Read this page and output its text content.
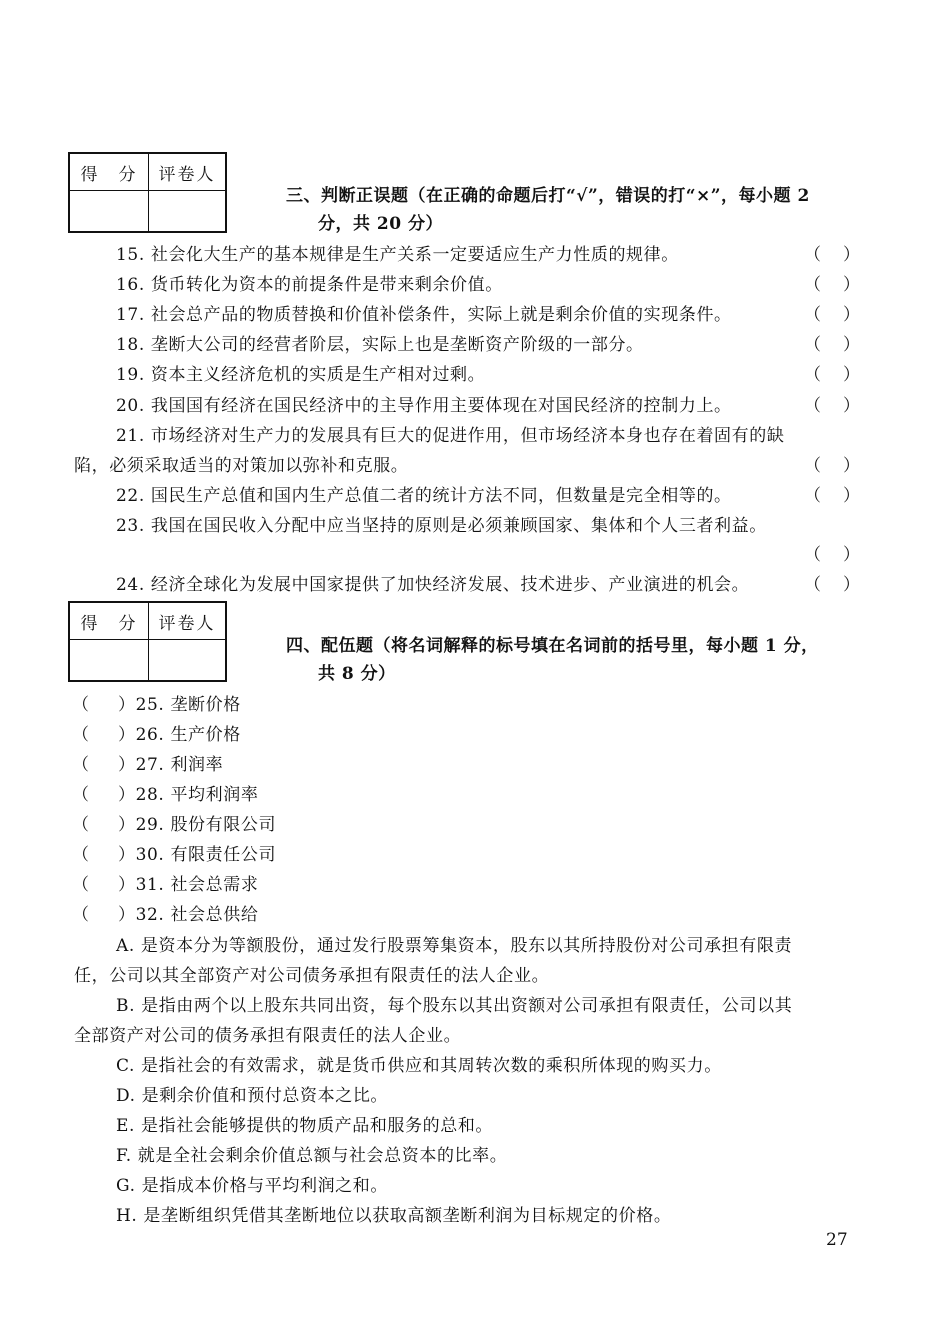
得　分	评卷人

三、判断正误题（在正确的命题后打“√”，错误的打“×”，每小题 2
分，共 20 分）
15. 社会化大生产的基本规律是生产关系一定要适应生产力性质的规律。	（ ）
16. 货币转化为资本的前提条件是带来剩余价值。	（ ）
17. 社会总产品的物质替换和价值补偿条件，实际上就是剩余价值的实现条件。	（ ）
18. 垄断大公司的经营者阶层，实际上也是垄断资产阶级的一部分。	（ ）
19. 资本主义经济危机的实质是生产相对过剩。	（ ）
20. 我国国有经济在国民经济中的主导作用主要体现在对国民经济的控制力上。	（ ）
21. 市场经济对生产力的发展具有巨大的促进作用，但市场经济本身也存在着固有的缺
陷，必须采取适当的对策加以弥补和克服。	（ ）
22. 国民生产总值和国内生产总值二者的统计方法不同，但数量是完全相等的。	（ ）
23. 我国在国民收入分配中应当坚持的原则是必须兼顾国家、集体和个人三者利益。
（ ）
24. 经济全球化为发展中国家提供了加快经济发展、技术进步、产业演进的机会。	（ ）
得　分	评卷人

四、配伍题（将名词解释的标号填在名词前的括号里，每小题 1 分，
共 8 分）
（ ）25. 垄断价格
（ ）26. 生产价格
（ ）27. 利润率
（ ）28. 平均利润率
（ ）29. 股份有限公司
（ ）30. 有限责任公司
（ ）31. 社会总需求
（ ）32. 社会总供给
A. 是资本分为等额股份，通过发行股票筹集资本，股东以其所持股份对公司承担有限责
任，公司以其全部资产对公司债务承担有限责任的法人企业。
B. 是指由两个以上股东共同出资，每个股东以其出资额对公司承担有限责任，公司以其
全部资产对公司的债务承担有限责任的法人企业。
C. 是指社会的有效需求，就是货币供应和其周转次数的乘积所体现的购买力。
D. 是剩余价值和预付总资本之比。
E. 是指社会能够提供的物质产品和服务的总和。
F. 就是全社会剩余价值总额与社会总资本的比率。
G. 是指成本价格与平均利润之和。
H. 是垄断组织凭借其垄断地位以获取高额垄断利润为目标规定的价格。
27
